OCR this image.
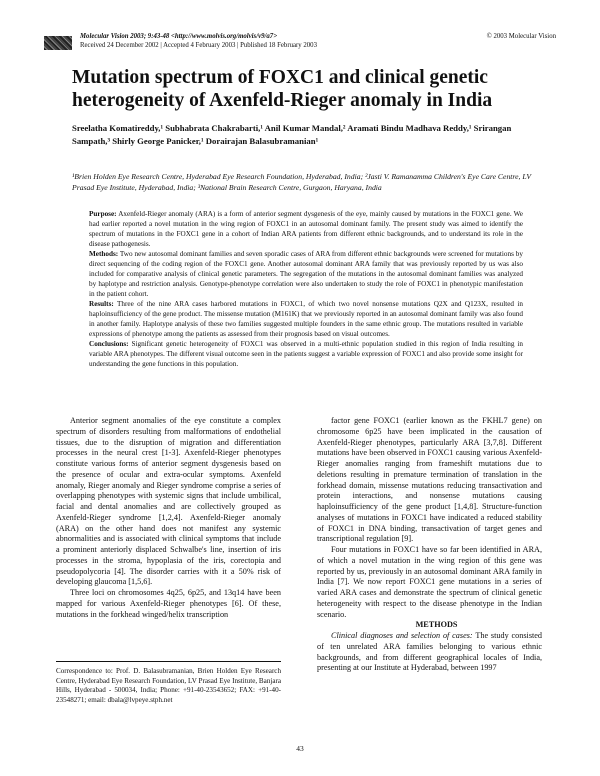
Molecular Vision 2003; 9:43-48 <http://www.molvis.org/molvis/v9/a7>
Received 24 December 2002 | Accepted 4 February 2003 | Published 18 February 2003
© 2003 Molecular Vision
Mutation spectrum of FOXC1 and clinical genetic heterogeneity of Axenfeld-Rieger anomaly in India
Sreelatha Komatireddy,¹ Subhabrata Chakrabarti,¹ Anil Kumar Mandal,² Aramati Bindu Madhava Reddy,¹ Srirangan Sampath,³ Shirly George Panicker,¹ Dorairajan Balasubramanian¹
¹Brien Holden Eye Research Centre, Hyderabad Eye Research Foundation, Hyderabad, India; ²Jasti V. Ramanamma Children's Eye Care Centre, LV Prasad Eye Institute, Hyderabad, India; ³National Brain Research Centre, Gurgaon, Haryana, India

Purpose: Axenfeld-Rieger anomaly (ARA) is a form of anterior segment dysgenesis of the eye, mainly caused by mutations in the FOXC1 gene. We had earlier reported a novel mutation in the wing region of FOXC1 in an autosomal dominant family. The present study was aimed to identify the spectrum of mutations in the FOXC1 gene in a cohort of Indian ARA patients from different ethnic backgrounds, and to understand its role in the disease pathogenesis.

Methods: Two new autosomal dominant families and seven sporadic cases of ARA from different ethnic backgrounds were screened for mutations by direct sequencing of the coding region of the FOXC1 gene. Another autosomal dominant ARA family that was previously reported by us was also included for comparative analysis of clinical genetic parameters. The segregation of the mutations in the autosomal dominant families was analyzed by haplotype and restriction analysis. Genotype-phenotype correlation were also undertaken to study the role of FOXC1 in phenotypic manifestation in the patient cohort.

Results: Three of the nine ARA cases harbored mutations in FOXC1, of which two novel nonsense mutations Q2X and Q123X, resulted in haploinsufficiency of the gene product. The missense mutation (M161K) that we previously reported in an autosomal dominant family was also found in another family. Haplotype analysis of these two families suggested multiple founders in the same ethnic group. The mutations resulted in variable expressions of phenotype among the patients as assessed from their prognosis based on visual outcomes.

Conclusions: Significant genetic heterogeneity of FOXC1 was observed in a multi-ethnic population studied in this region of India resulting in variable ARA phenotypes. The different visual outcome seen in the patients suggest a variable expression of FOXC1 and also provide some insight for understanding the gene functions in this population.

Anterior segment anomalies of the eye constitute a complex spectrum of disorders resulting from malformations of endothelial tissues, due to the disruption of migration and differentiation processes in the neural crest [1-3]. Axenfeld-Rieger phenotypes constitute various forms of anterior segment dysgenesis based on the presence of ocular and extra-ocular symptoms. Axenfeld anomaly, Rieger anomaly and Rieger syndrome comprise a series of overlapping phenotypes with systemic signs that include umbilical, facial and dental anomalies and are collectively grouped as Axenfeld-Rieger syndrome [1,2,4]. Axenfeld-Rieger anomaly (ARA) on the other hand does not manifest any systemic abnormalities and is associated with clinical symptoms that include a prominent anteriorly displaced Schwalbe's line, insertion of iris processes in the stroma, hypoplasia of the iris, corectopia and pseudopolycoria [4]. The disorder carries with it a 50% risk of developing glaucoma [1,5,6].

Three loci on chromosomes 4q25, 6p25, and 13q14 have been mapped for various Axenfeld-Rieger phenotypes [6]. Of these, mutations in the forkhead winged/helix transcription

Correspondence to: Prof. D. Balasubramanian, Brien Holden Eye Research Centre, Hyderabad Eye Research Foundation, LV Prasad Eye Institute, Banjara Hills, Hyderabad - 500034, India; Phone: +91-40-23543652; FAX: +91-40-23548271; email: dbala@lvpeye.stph.net

factor gene FOXC1 (earlier known as the FKHL7 gene) on chromosome 6p25 have been implicated in the causation of Axenfeld-Rieger phenotypes, particularly ARA [3,7,8]. Different mutations have been observed in FOXC1 causing various Axenfeld-Rieger anomalies ranging from frameshift mutations due to deletions resulting in premature termination of translation in the forkhead domain, missense mutations reducing transactivation and protein interactions, and nonsense mutations causing haploinsufficiency of the gene product [1,4,8]. Structure-function analyses of mutations in FOXC1 have indicated a reduced stability of FOXC1 in DNA binding, transactivation of target genes and transcriptional regulation [9].

Four mutations in FOXC1 have so far been identified in ARA, of which a novel mutation in the wing region of this gene was reported by us, previously in an autosomal dominant ARA family in India [7]. We now report FOXC1 gene mutations in a series of varied ARA cases and demonstrate the spectrum of clinical genetic heterogeneity with respect to the disease phenotype in the Indian scenario.

METHODS

Clinical diagnoses and selection of cases: The study consisted of ten unrelated ARA families belonging to various ethnic backgrounds, and from different geographical locales of India, presenting at our Institute at Hyderabad, between 1997

43
